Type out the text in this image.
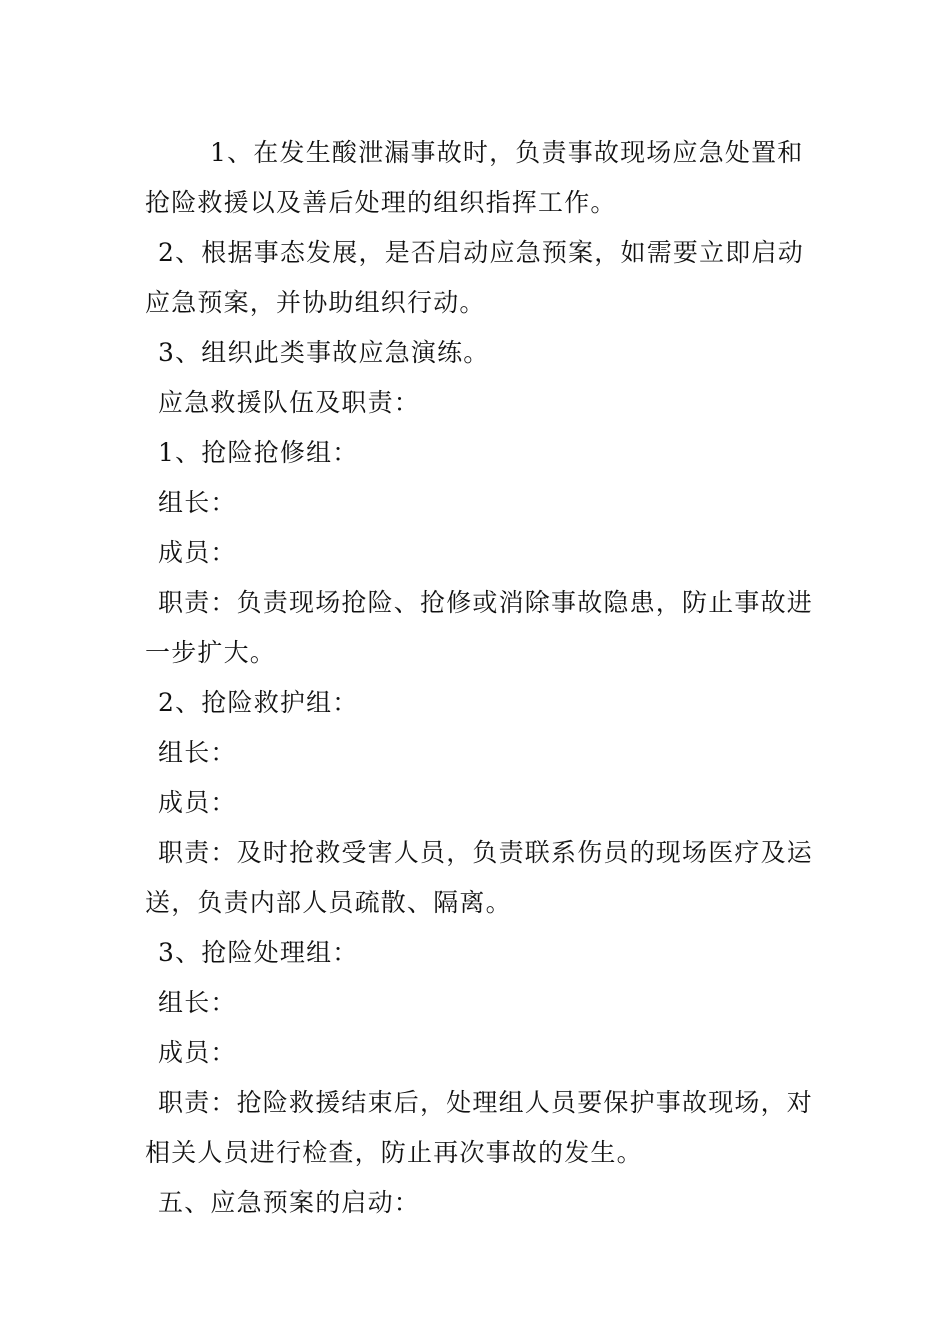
1、在发生酸泄漏事故时，负责事故现场应急处置和
抢险救援以及善后处理的组织指挥工作。
2、根据事态发展，是否启动应急预案，如需要立即启动
应急预案，并协助组织行动。
3、组织此类事故应急演练。
应急救援队伍及职责：
1、抢险抢修组：
组长：
成员：
职责：负责现场抢险、抢修或消除事故隐患，防止事故进
一步扩大。
2、抢险救护组：
组长：
成员：
职责：及时抢救受害人员，负责联系伤员的现场医疗及运
送，负责内部人员疏散、隔离。
3、抢险处理组：
组长：
成员：
职责：抢险救援结束后，处理组人员要保护事故现场，对
相关人员进行检查，防止再次事故的发生。
五、应急预案的启动：
